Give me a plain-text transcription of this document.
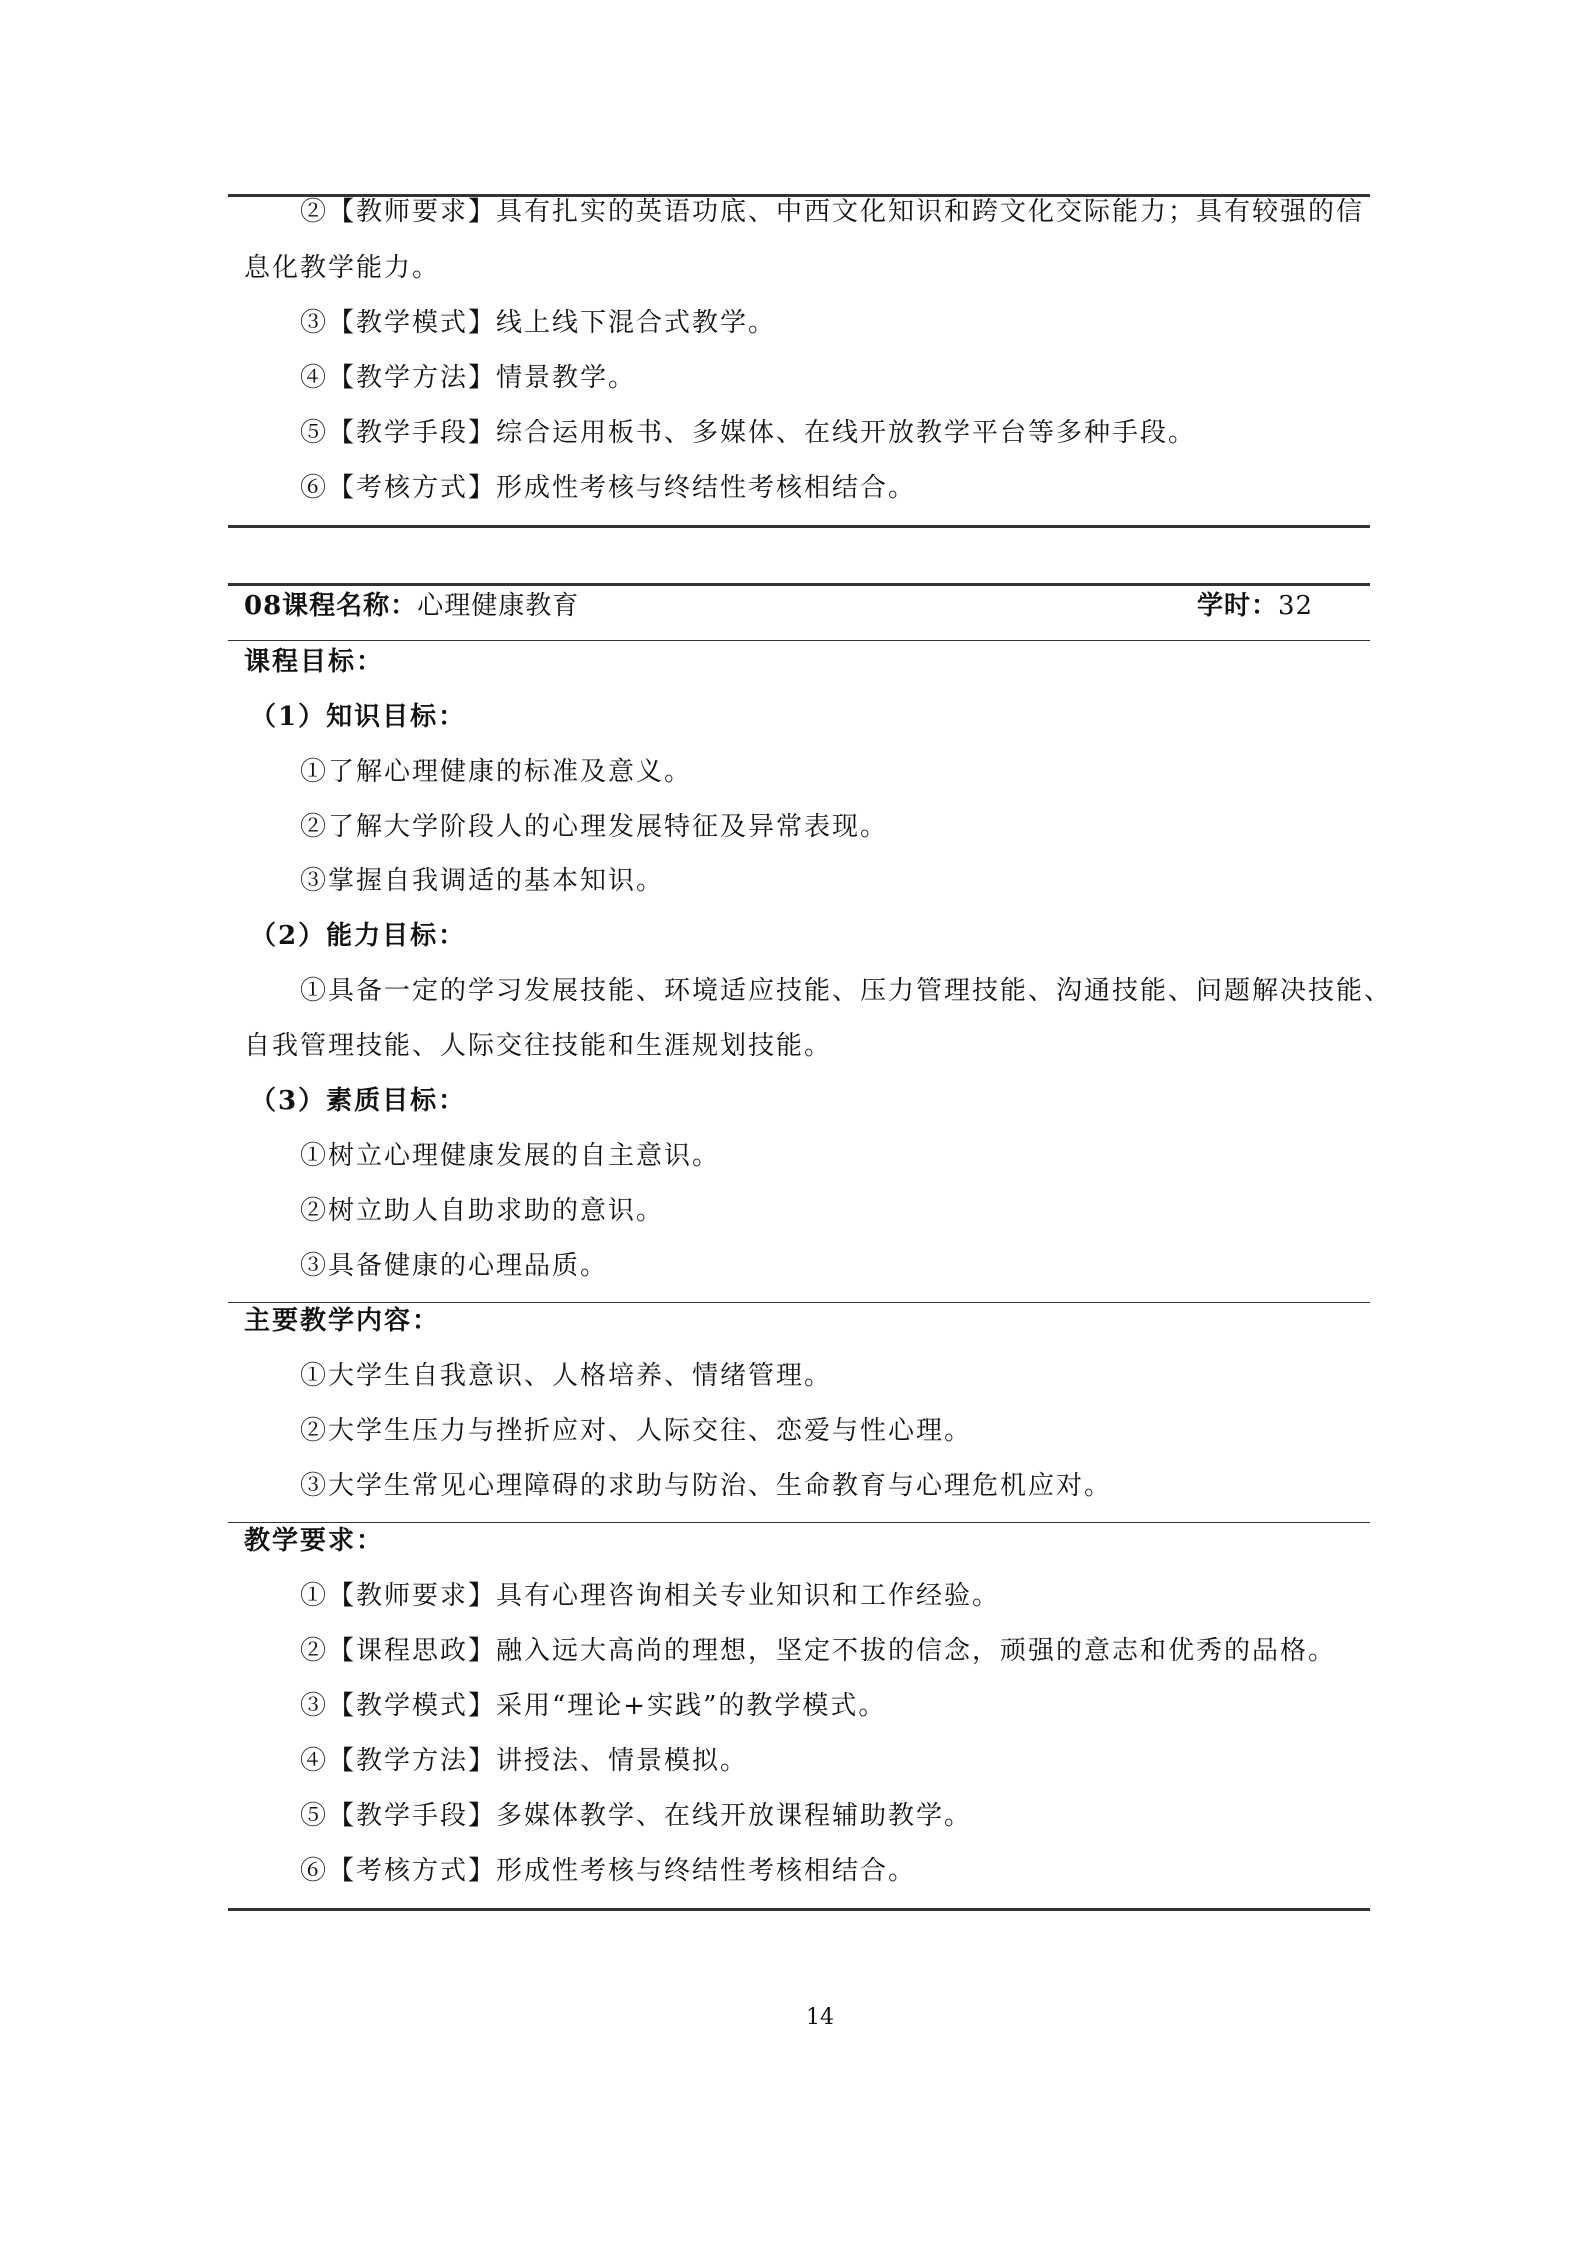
②【教师要求】具有扎实的英语功底、中西文化知识和跨文化交际能力；具有较强的信
息化教学能力。
③【教学模式】线上线下混合式教学。
④【教学方法】情景教学。
⑤【教学手段】综合运用板书、多媒体、在线开放教学平台等多种手段。
⑥【考核方式】形成性考核与终结性考核相结合。
08课程名称：心理健康教育	学时：32
课程目标：
（1）知识目标：
①了解心理健康的标准及意义。
②了解大学阶段人的心理发展特征及异常表现。
③掌握自我调适的基本知识。
（2）能力目标：
①具备一定的学习发展技能、环境适应技能、压力管理技能、沟通技能、问题解决技能、
自我管理技能、人际交往技能和生涯规划技能。
（3）素质目标：
①树立心理健康发展的自主意识。
②树立助人自助求助的意识。
③具备健康的心理品质。
主要教学内容：
①大学生自我意识、人格培养、情绪管理。
②大学生压力与挫折应对、人际交往、恋爱与性心理。
③大学生常见心理障碍的求助与防治、生命教育与心理危机应对。
教学要求：
①【教师要求】具有心理咨询相关专业知识和工作经验。
②【课程思政】融入远大高尚的理想，坚定不拔的信念，顽强的意志和优秀的品格。
③【教学模式】采用“理论+实践”的教学模式。
④【教学方法】讲授法、情景模拟。
⑤【教学手段】多媒体教学、在线开放课程辅助教学。
⑥【考核方式】形成性考核与终结性考核相结合。
14
